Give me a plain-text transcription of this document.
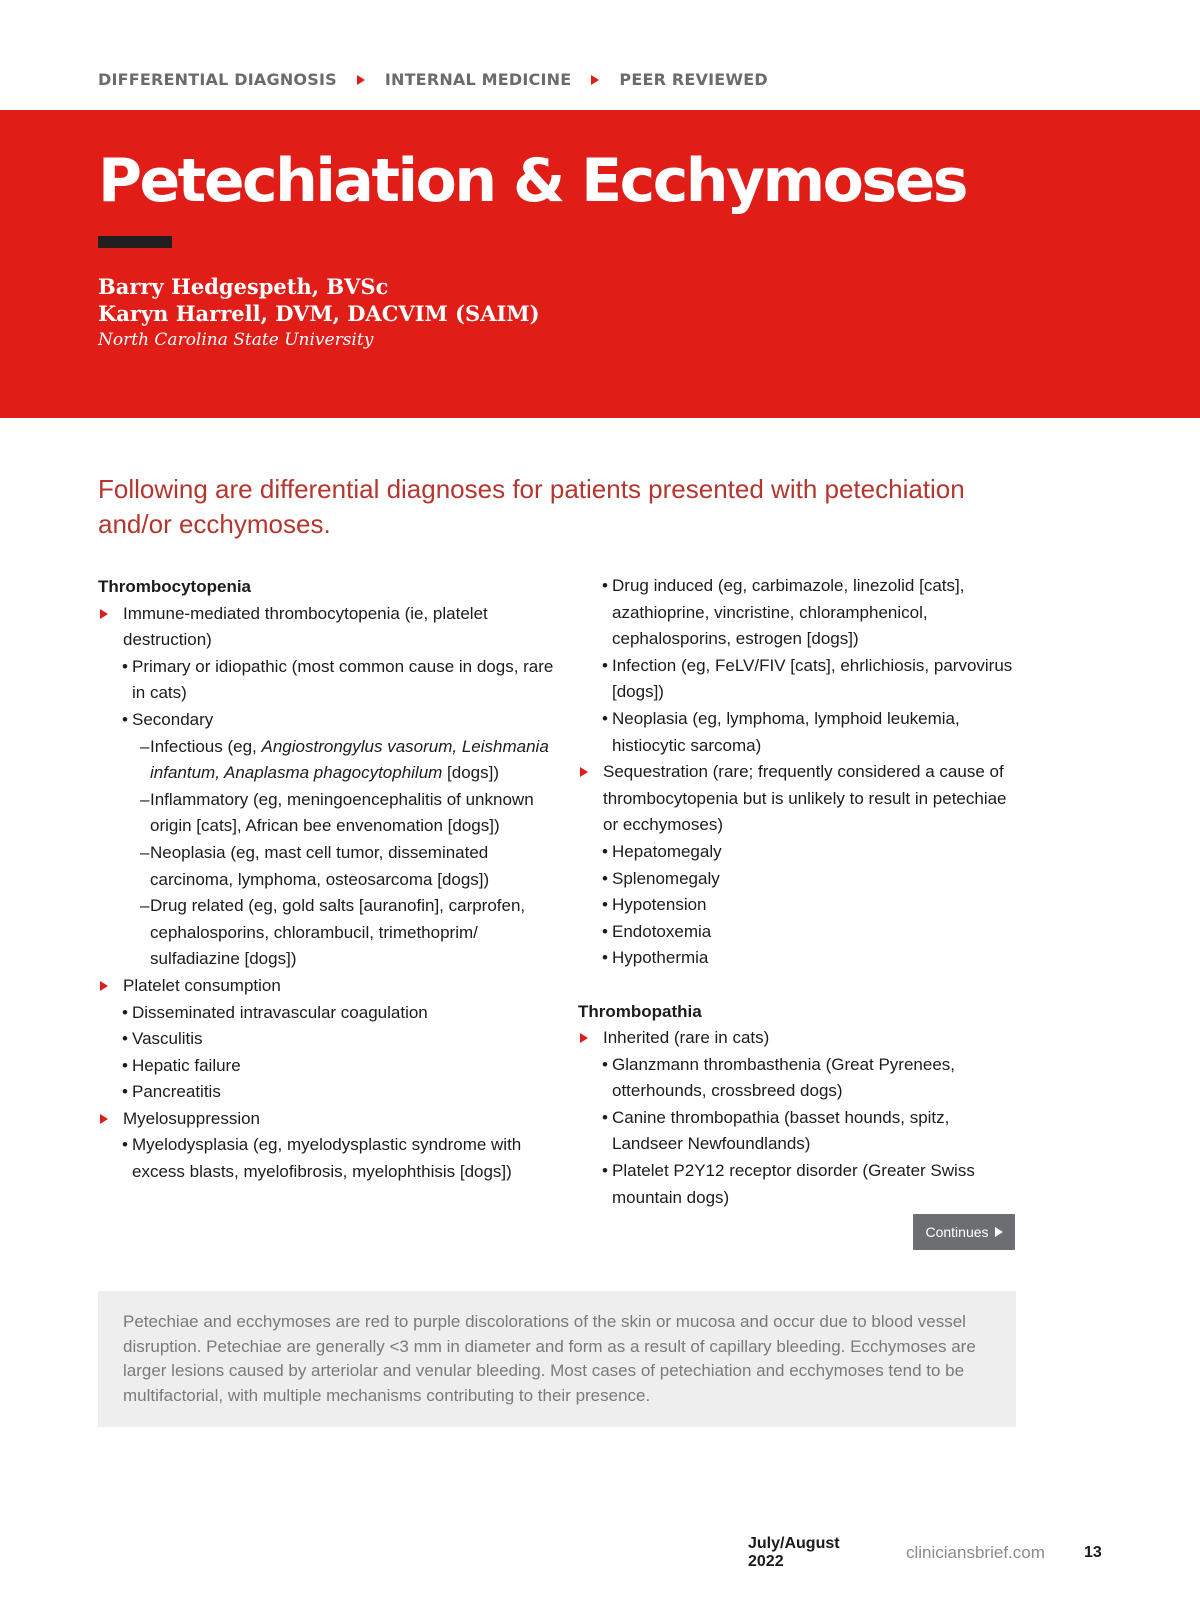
DIFFERENTIAL DIAGNOSIS	INTERNAL MEDICINE	PEER REVIEWED
Petechiation & Ecchymoses
Barry Hedgespeth, BVSc
Karyn Harrell, DVM, DACVIM (SAIM)
North Carolina State University

Following are differential diagnoses for patients presented with petechiation and/or ecchymoses.

Thrombocytopenia
Immune-mediated thrombocytopenia (ie, platelet destruction)
• Primary or idiopathic (most common cause in dogs, rare in cats)
• Secondary
– Infectious (eg, Angiostrongylus vasorum, Leishmania infantum, Anaplasma phagocytophilum [dogs])
– Inflammatory (eg, meningoencephalitis of unknown origin [cats], African bee envenomation [dogs])
– Neoplasia (eg, mast cell tumor, disseminated carcinoma, lymphoma, osteosarcoma [dogs])
– Drug related (eg, gold salts [auranofin], carprofen, cephalosporins, chlorambucil, trimethoprim/ sulfadiazine [dogs])
Platelet consumption
• Disseminated intravascular coagulation
• Vasculitis
• Hepatic failure
• Pancreatitis
Myelosuppression
• Myelodysplasia (eg, myelodysplastic syndrome with excess blasts, myelofibrosis, myelophthisis [dogs])
• Drug induced (eg, carbimazole, linezolid [cats], azathioprine, vincristine, chloramphenicol, cephalosporins, estrogen [dogs])
• Infection (eg, FeLV/FIV [cats], ehrlichiosis, parvovirus [dogs])
• Neoplasia (eg, lymphoma, lymphoid leukemia, histiocytic sarcoma)
Sequestration (rare; frequently considered a cause of thrombocytopenia but is unlikely to result in petechiae or ecchymoses)
• Hepatomegaly
• Splenomegaly
• Hypotension
• Endotoxemia
• Hypothermia
Thrombopathia
Inherited (rare in cats)
• Glanzmann thrombasthenia (Great Pyrenees, otterhounds, crossbreed dogs)
• Canine thrombopathia (basset hounds, spitz, Landseer Newfoundlands)
• Platelet P2Y12 receptor disorder (Greater Swiss mountain dogs)
Continues

Petechiae and ecchymoses are red to purple discolorations of the skin or mucosa and occur due to blood vessel disruption. Petechiae are generally <3 mm in diameter and form as a result of capillary bleeding. Ecchymoses are larger lesions caused by arteriolar and venular bleeding. Most cases of petechiation and ecchymoses tend to be multifactorial, with multiple mechanisms contributing to their presence.

July/August 2022	cliniciansbrief.com	13
